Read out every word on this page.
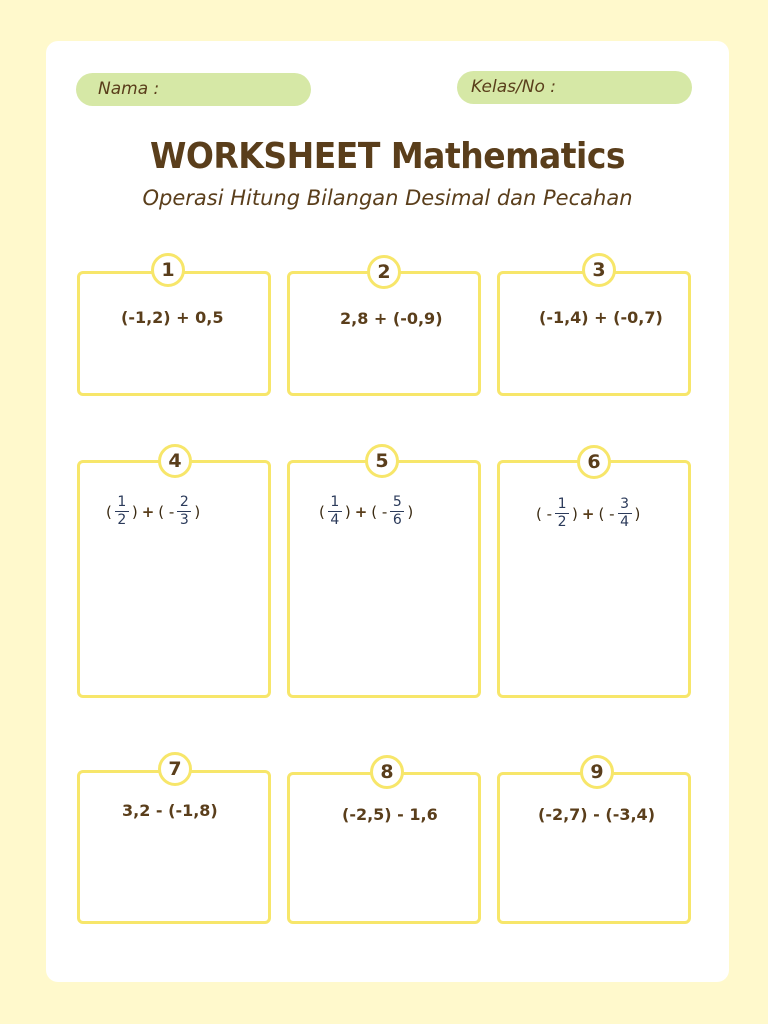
Nama :	Kelas/No :
WORKSHEET Mathematics
Operasi Hitung Bilangan Desimal dan Pecahan
1
(-1,2) + 0,5
2
2,8 + (-0,9)
3
(-1,4) + (-0,7)
4
( $\frac{1}{2}$ ) + ( - $\frac{2}{3}$ )
5
( $\frac{1}{4}$ ) + ( - $\frac{5}{6}$ )
6
( - $\frac{1}{2}$ ) + ( - $\frac{3}{4}$ )
7
3,2 - (-1,8)
8
(-2,5) - 1,6
9
(-2,7) - (-3,4)
